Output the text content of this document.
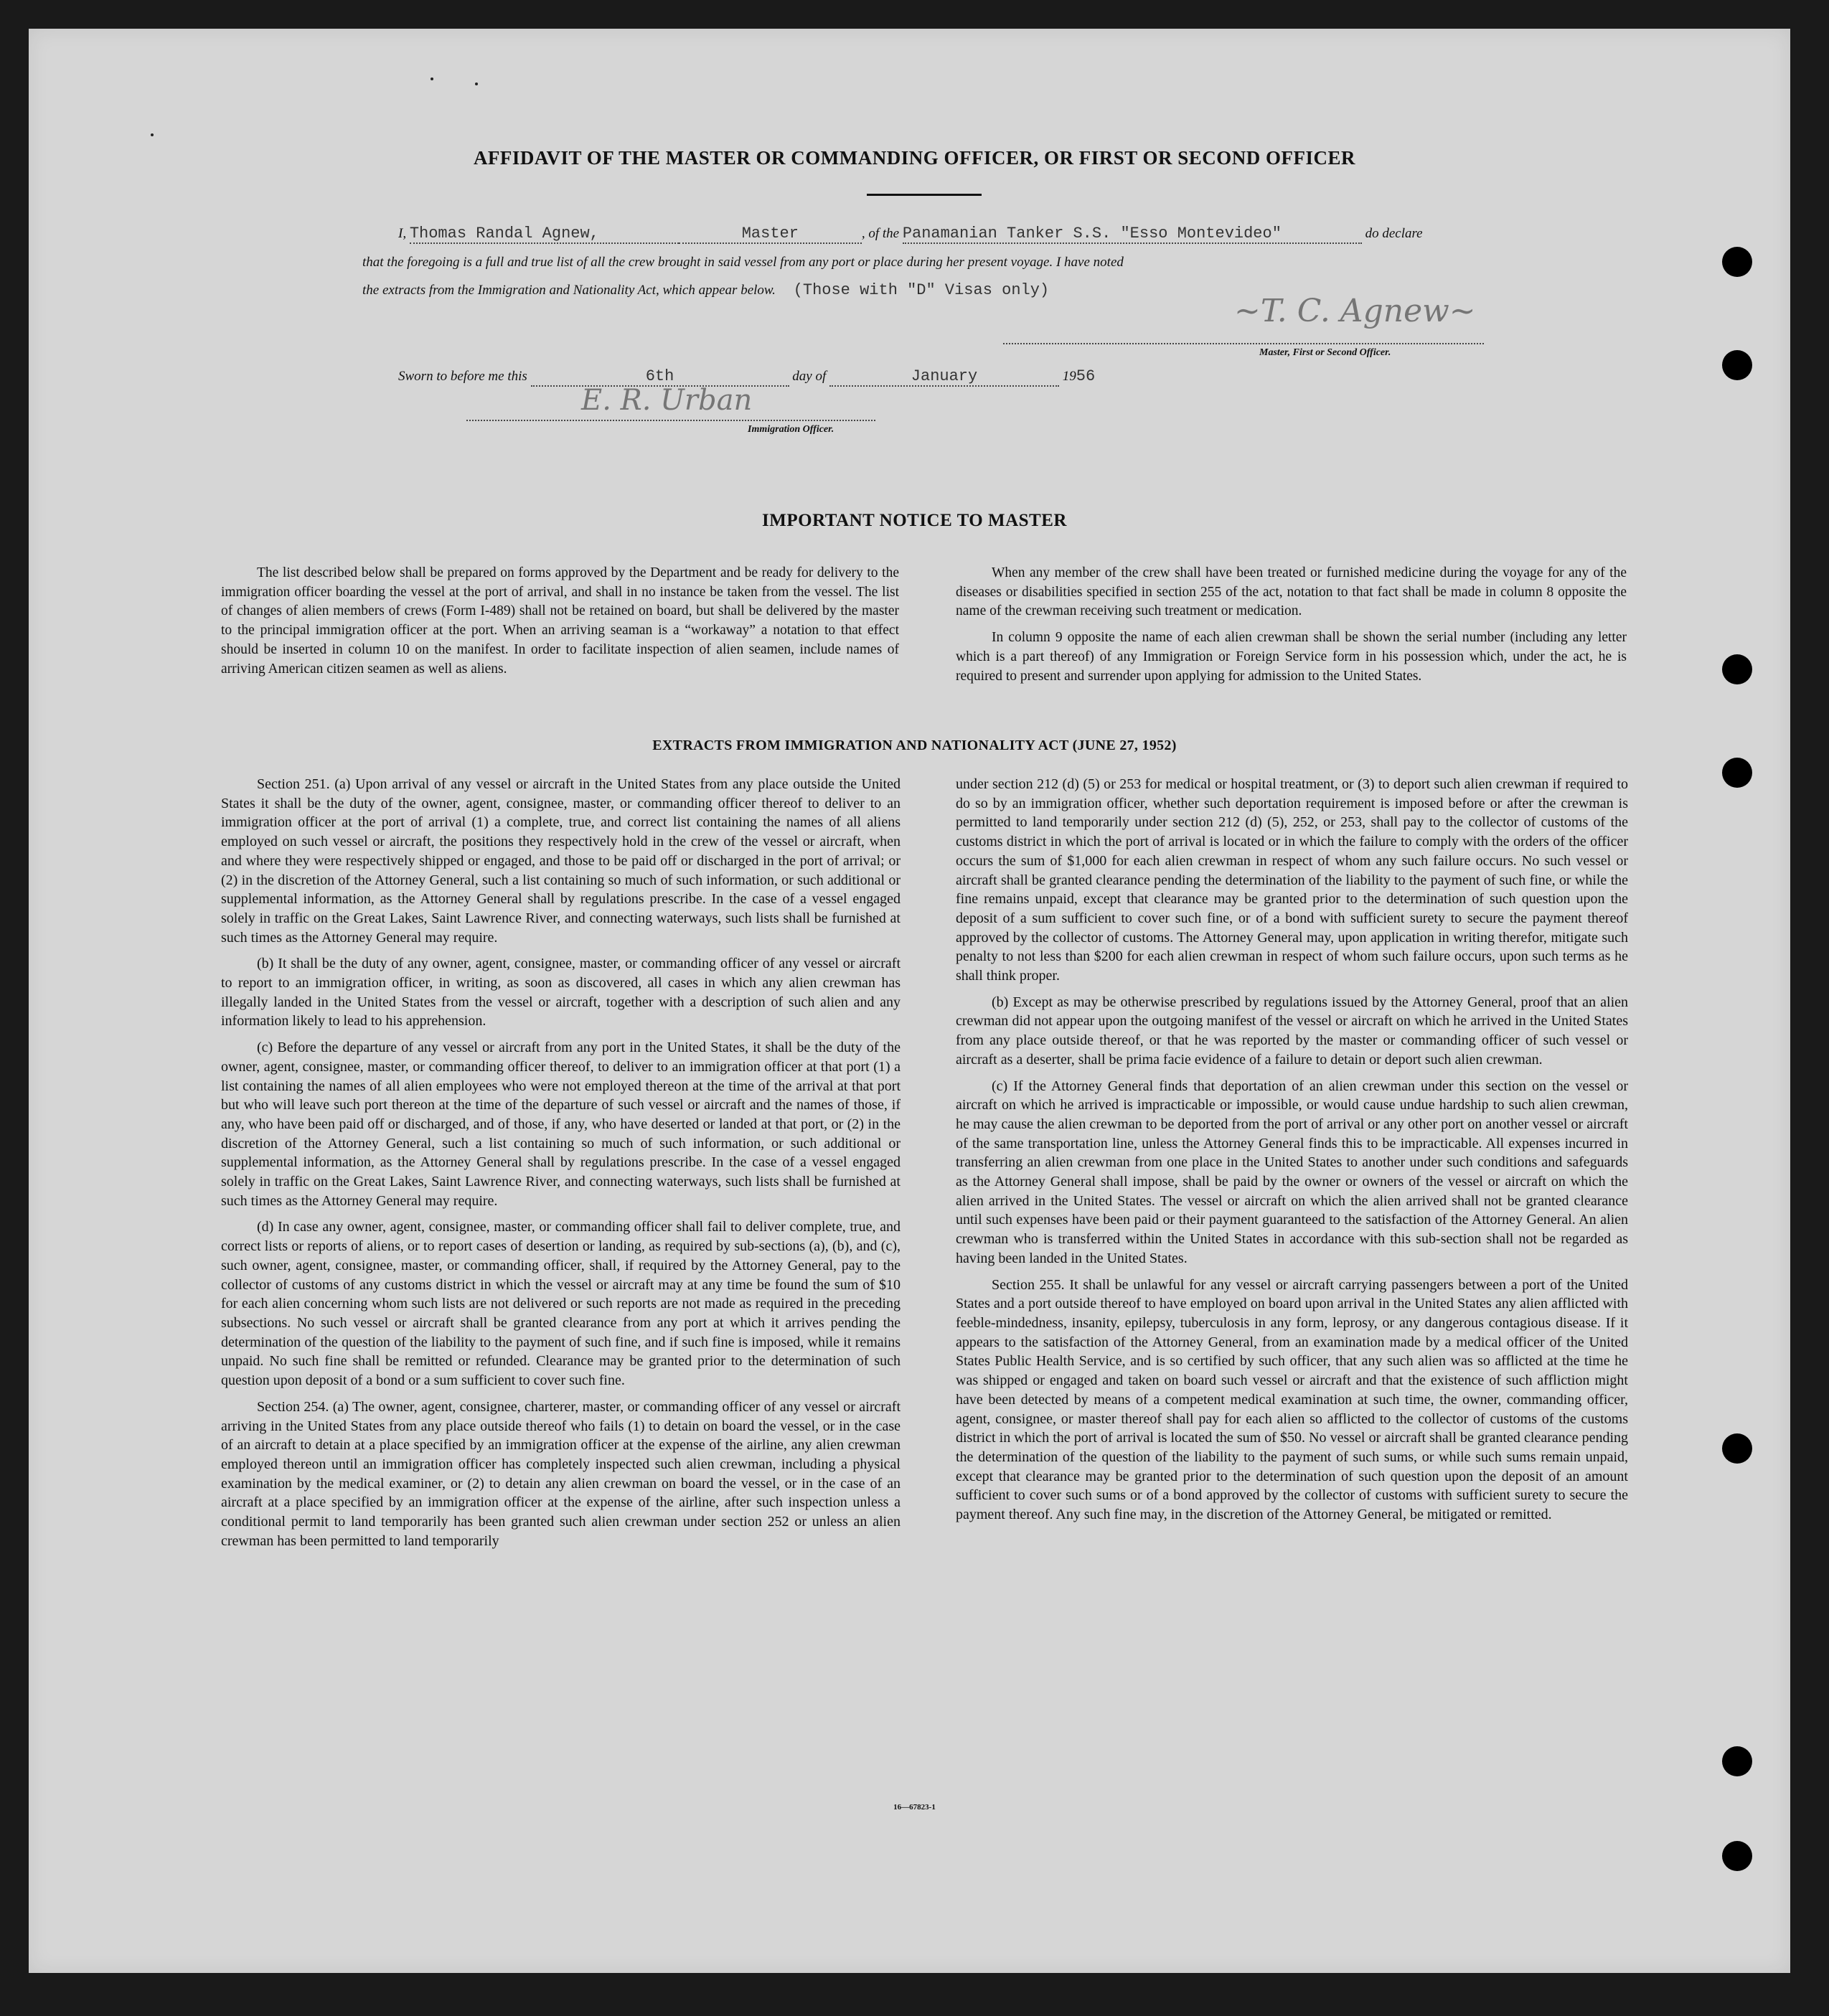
AFFIDAVIT OF THE MASTER OR COMMANDING OFFICER, OR FIRST OR SECOND OFFICER
I, Thomas Randal Agnew,	Master	, of the Panamanian Tanker S.S. "Esso Montevideo"	do declare
that the foregoing is a full and true list of all the crew brought in said vessel from any port or place during her present voyage. I have noted
the extracts from the Immigration and Nationality Act, which appear below. (Those with "D" Visas only)
~T. C. Agnew~
Master, First or Second Officer.
Sworn to before me this	6th	day of	January	1956
E. R. Urban
Immigration Officer.
IMPORTANT NOTICE TO MASTER

The list described below shall be prepared on forms approved by the Department and be ready for delivery to the immigration officer boarding the vessel at the port of arrival, and shall in no instance be taken from the vessel. The list of changes of alien members of crews (Form I-489) shall not be retained on board, but shall be delivered by the master to the principal immigration officer at the port. When an arriving seaman is a “workaway” a notation to that effect should be inserted in column 10 on the manifest. In order to facilitate inspection of alien seamen, include names of arriving American citizen seamen as well as aliens.

When any member of the crew shall have been treated or furnished medicine during the voyage for any of the diseases or disabilities specified in section 255 of the act, notation to that fact shall be made in column 8 opposite the name of the crewman receiving such treatment or medication.

In column 9 opposite the name of each alien crewman shall be shown the serial number (including any letter which is a part thereof) of any Immigration or Foreign Service form in his possession which, under the act, he is required to present and surrender upon applying for admission to the United States.

EXTRACTS FROM IMMIGRATION AND NATIONALITY ACT (JUNE 27, 1952)

Section 251. (a) Upon arrival of any vessel or aircraft in the United States from any place outside the United States it shall be the duty of the owner, agent, consignee, master, or commanding officer thereof to deliver to an immigration officer at the port of arrival (1) a complete, true, and correct list containing the names of all aliens employed on such vessel or aircraft, the positions they respectively hold in the crew of the vessel or aircraft, when and where they were respectively shipped or engaged, and those to be paid off or discharged in the port of arrival; or (2) in the discretion of the Attorney General, such a list containing so much of such information, or such additional or supplemental information, as the Attorney General shall by regulations prescribe. In the case of a vessel engaged solely in traffic on the Great Lakes, Saint Lawrence River, and connecting waterways, such lists shall be furnished at such times as the Attorney General may require.

(b) It shall be the duty of any owner, agent, consignee, master, or commanding officer of any vessel or aircraft to report to an immigration officer, in writing, as soon as discovered, all cases in which any alien crewman has illegally landed in the United States from the vessel or aircraft, together with a description of such alien and any information likely to lead to his apprehension.

(c) Before the departure of any vessel or aircraft from any port in the United States, it shall be the duty of the owner, agent, consignee, master, or commanding officer thereof, to deliver to an immigration officer at that port (1) a list containing the names of all alien employees who were not employed thereon at the time of the arrival at that port but who will leave such port thereon at the time of the departure of such vessel or aircraft and the names of those, if any, who have been paid off or discharged, and of those, if any, who have deserted or landed at that port, or (2) in the discretion of the Attorney General, such a list containing so much of such information, or such additional or supplemental information, as the Attorney General shall by regulations prescribe. In the case of a vessel engaged solely in traffic on the Great Lakes, Saint Lawrence River, and connecting waterways, such lists shall be furnished at such times as the Attorney General may require.

(d) In case any owner, agent, consignee, master, or commanding officer shall fail to deliver complete, true, and correct lists or reports of aliens, or to report cases of desertion or landing, as required by sub-sections (a), (b), and (c), such owner, agent, consignee, master, or commanding officer, shall, if required by the Attorney General, pay to the collector of customs of any customs district in which the vessel or aircraft may at any time be found the sum of $10 for each alien concerning whom such lists are not delivered or such reports are not made as required in the preceding subsections. No such vessel or aircraft shall be granted clearance from any port at which it arrives pending the determination of the question of the liability to the payment of such fine, and if such fine is imposed, while it remains unpaid. No such fine shall be remitted or refunded. Clearance may be granted prior to the determination of such question upon deposit of a bond or a sum sufficient to cover such fine.

Section 254. (a) The owner, agent, consignee, charterer, master, or commanding officer of any vessel or aircraft arriving in the United States from any place outside thereof who fails (1) to detain on board the vessel, or in the case of an aircraft to detain at a place specified by an immigration officer at the expense of the airline, any alien crewman employed thereon until an immigration officer has completely inspected such alien crewman, including a physical examination by the medical examiner, or (2) to detain any alien crewman on board the vessel, or in the case of an aircraft at a place specified by an immigration officer at the expense of the airline, after such inspection unless a conditional permit to land temporarily has been granted such alien crewman under section 252 or unless an alien crewman has been permitted to land temporarily

under section 212 (d) (5) or 253 for medical or hospital treatment, or (3) to deport such alien crewman if required to do so by an immigration officer, whether such deportation requirement is imposed before or after the crewman is permitted to land temporarily under section 212 (d) (5), 252, or 253, shall pay to the collector of customs of the customs district in which the port of arrival is located or in which the failure to comply with the orders of the officer occurs the sum of $1,000 for each alien crewman in respect of whom any such failure occurs. No such vessel or aircraft shall be granted clearance pending the determination of the liability to the payment of such fine, or while the fine remains unpaid, except that clearance may be granted prior to the determination of such question upon the deposit of a sum sufficient to cover such fine, or of a bond with sufficient surety to secure the payment thereof approved by the collector of customs. The Attorney General may, upon application in writing therefor, mitigate such penalty to not less than $200 for each alien crewman in respect of whom such failure occurs, upon such terms as he shall think proper.

(b) Except as may be otherwise prescribed by regulations issued by the Attorney General, proof that an alien crewman did not appear upon the outgoing manifest of the vessel or aircraft on which he arrived in the United States from any place outside thereof, or that he was reported by the master or commanding officer of such vessel or aircraft as a deserter, shall be prima facie evidence of a failure to detain or deport such alien crewman.

(c) If the Attorney General finds that deportation of an alien crewman under this section on the vessel or aircraft on which he arrived is impracticable or impossible, or would cause undue hardship to such alien crewman, he may cause the alien crewman to be deported from the port of arrival or any other port on another vessel or aircraft of the same transportation line, unless the Attorney General finds this to be impracticable. All expenses incurred in transferring an alien crewman from one place in the United States to another under such conditions and safeguards as the Attorney General shall impose, shall be paid by the owner or owners of the vessel or aircraft on which the alien arrived in the United States. The vessel or aircraft on which the alien arrived shall not be granted clearance until such expenses have been paid or their payment guaranteed to the satisfaction of the Attorney General. An alien crewman who is transferred within the United States in accordance with this sub-section shall not be regarded as having been landed in the United States.

Section 255. It shall be unlawful for any vessel or aircraft carrying passengers between a port of the United States and a port outside thereof to have employed on board upon arrival in the United States any alien afflicted with feeble-mindedness, insanity, epilepsy, tuberculosis in any form, leprosy, or any dangerous contagious disease. If it appears to the satisfaction of the Attorney General, from an examination made by a medical officer of the United States Public Health Service, and is so certified by such officer, that any such alien was so afflicted at the time he was shipped or engaged and taken on board such vessel or aircraft and that the existence of such affliction might have been detected by means of a competent medical examination at such time, the owner, commanding officer, agent, consignee, or master thereof shall pay for each alien so afflicted to the collector of customs of the customs district in which the port of arrival is located the sum of $50. No vessel or aircraft shall be granted clearance pending the determination of the question of the liability to the payment of such sums, or while such sums remain unpaid, except that clearance may be granted prior to the determination of such question upon the deposit of an amount sufficient to cover such sums or of a bond approved by the collector of customs with sufficient surety to secure the payment thereof. Any such fine may, in the discretion of the Attorney General, be mitigated or remitted.

16—67823-1
